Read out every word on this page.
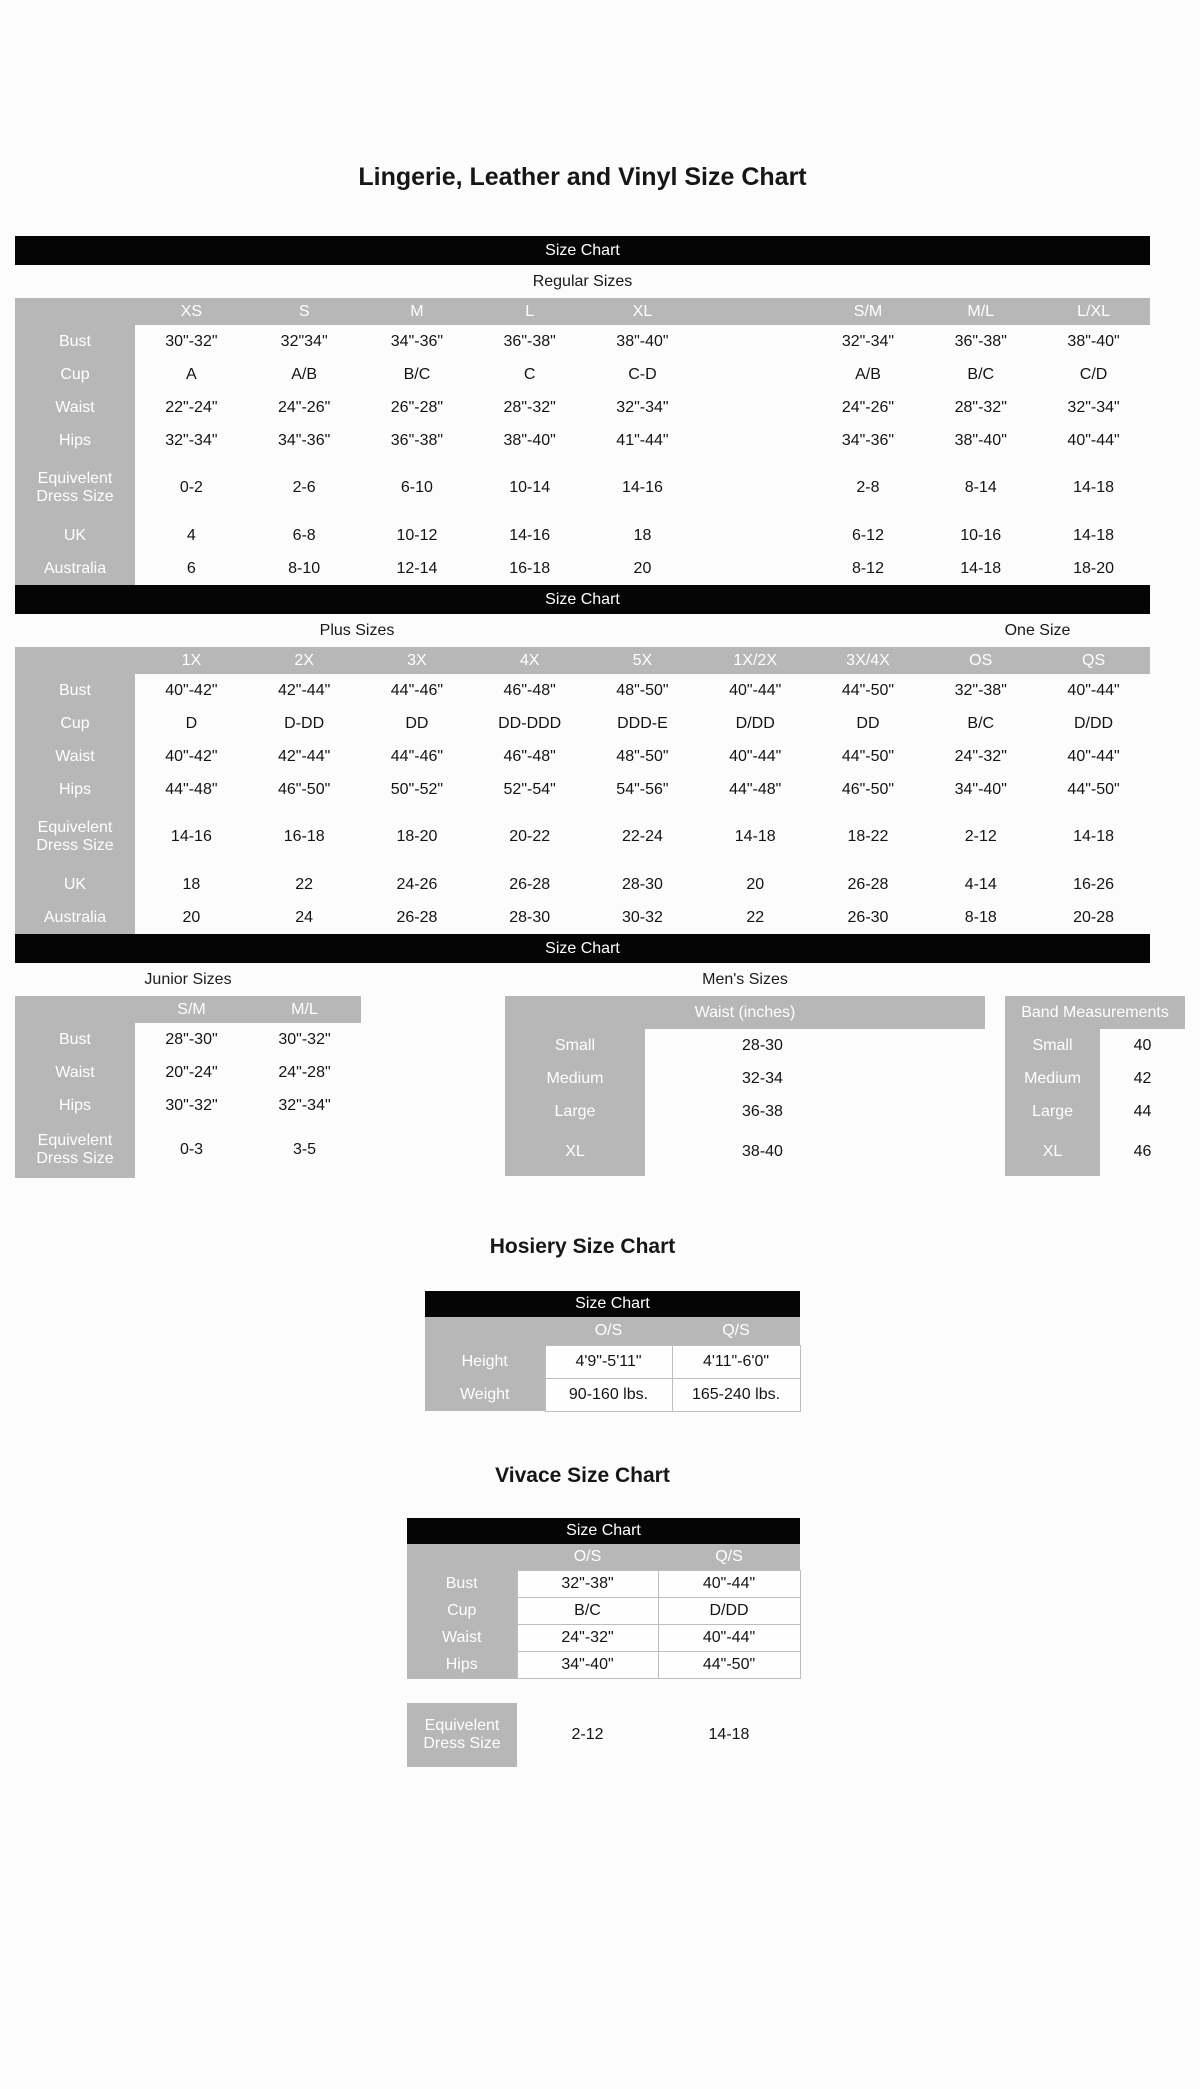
Lingerie, Leather and Vinyl Size Chart
Size Chart
Regular Sizes
	XS	S	M	L	XL		S/M	M/L	L/XL
Bust	30"-32"	32"34"	34"-36"	36"-38"	38"-40"		32"-34"	36"-38"	38"-40"
Cup	A	A/B	B/C	C	C-D		A/B	B/C	C/D
Waist	22"-24"	24"-26"	26"-28"	28"-32"	32"-34"		24"-26"	28"-32"	32"-34"
Hips	32"-34"	34"-36"	36"-38"	38"-40"	41"-44"		34"-36"	38"-40"	40"-44"
Equivelent Dress Size	0-2	2-6	6-10	10-14	14-16		2-8	8-14	14-18
UK	4	6-8	10-12	14-16	18		6-12	10-16	14-18
Australia	6	8-10	12-14	16-18	20		8-12	14-18	18-20
Size Chart
Plus Sizes	One Size
	1X	2X	3X	4X	5X	1X/2X	3X/4X	OS	QS
Bust	40"-42"	42"-44"	44"-46"	46"-48"	48"-50"	40"-44"	44"-50"	32"-38"	40"-44"
Cup	D	D-DD	DD	DD-DDD	DDD-E	D/DD	DD	B/C	D/DD
Waist	40"-42"	42"-44"	44"-46"	46"-48"	48"-50"	40"-44"	44"-50"	24"-32"	40"-44"
Hips	44"-48"	46"-50"	50"-52"	52"-54"	54"-56"	44"-48"	46"-50"	34"-40"	44"-50"
Equivelent Dress Size	14-16	16-18	18-20	20-22	22-24	14-18	18-22	2-12	14-18
UK	18	22	24-26	26-28	28-30	20	26-28	4-14	16-26
Australia	20	24	26-28	28-30	30-32	22	26-30	8-18	20-28
Size Chart
Junior Sizes	Men's Sizes
	S/M	M/L
Bust	28"-30"	30"-32"
Waist	20"-24"	24"-28"
Hips	30"-32"	32"-34"
Equivelent Dress Size	0-3	3-5
Waist (inches)		
Small	28-30	
Medium	32-34	
Large	36-38	
XL	38-40	
Band Measurements	
Small	40
Medium	42
Large	44
XL	46
Hosiery Size Chart
Size Chart
	O/S	Q/S
Height	4'9"-5'11"	4'11"-6'0"
Weight	90-160 lbs.	165-240 lbs.
Vivace Size Chart
Size Chart
	O/S	Q/S
Bust	32"-38"	40"-44"
Cup	B/C	D/DD
Waist	24"-32"	40"-44"
Hips	34"-40"	44"-50"

Equivelent Dress Size	2-12	14-18
